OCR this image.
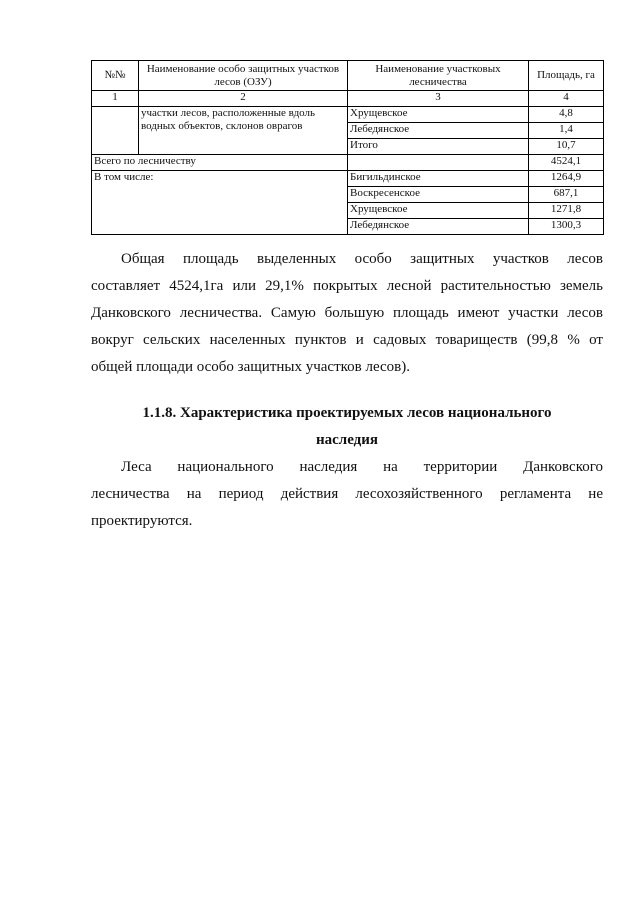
№№	Наименование особо защитных участков лесов (ОЗУ)	Наименование участковых лесничества	Площадь, га
1	2	3	4
	участки лесов, расположенные вдоль водных объектов, склонов оврагов	Хрущевское	4,8
		Лебедянское	1,4
		Итого	10,7
Всего по лесничеству			4524,1
В том числе:		Бигильдинское	1264,9
		Воскресенское	687,1
		Хрущевское	1271,8
		Лебедянское	1300,3

  Общая площадь выделенных особо защитных участков лесов

составляет 4524,1га или 29,1% покрытых лесной растительностью земель

Данковского лесничества. Самую большую площадь имеют участки лесов

вокруг сельских населенных пунктов и садовых товариществ (99,8 % от

общей площади особо защитных участков лесов).

1.1.8. Характеристика проектируемых лесов национального
наследия

  Леса национального наследия на территории Данковского

лесничества на период действия лесохозяйственного регламента не

проектируются.
